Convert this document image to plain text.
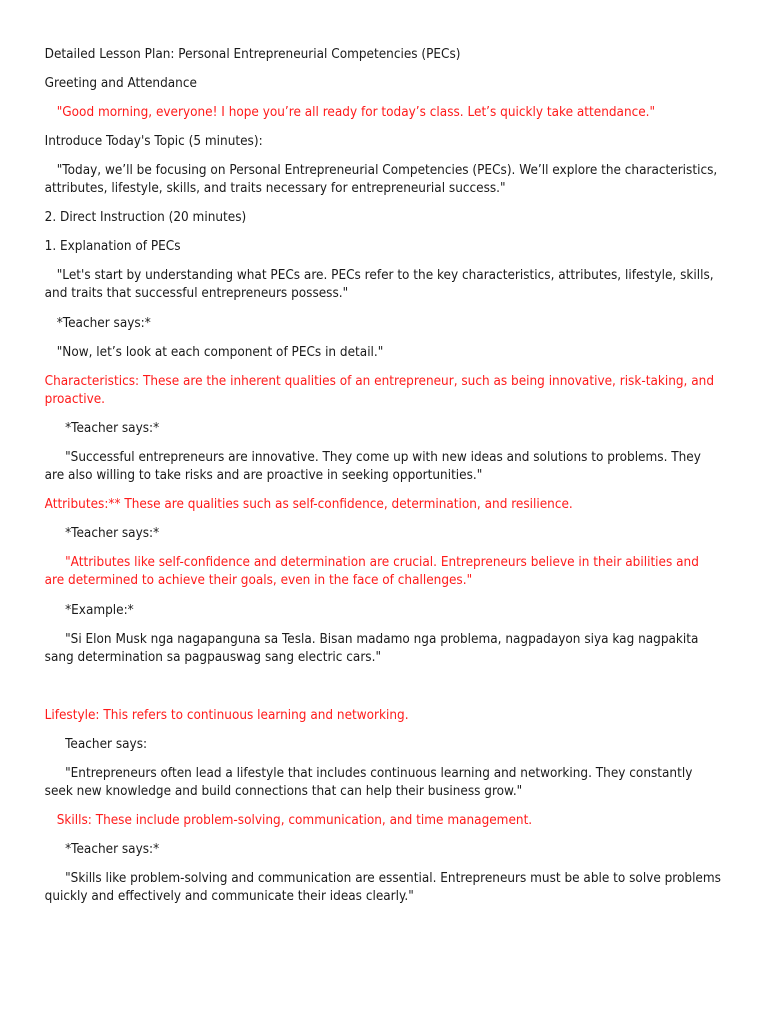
Detailed Lesson Plan: Personal Entrepreneurial Competencies (PECs)

Greeting and Attendance

"Good morning, everyone! I hope you’re all ready for today’s class. Let’s quickly take attendance."

Introduce Today's Topic (5 minutes):

"Today, we’ll be focusing on Personal Entrepreneurial Competencies (PECs). We’ll explore the characteristics, attributes, lifestyle, skills, and traits necessary for entrepreneurial success."

2. Direct Instruction (20 minutes)

1. Explanation of PECs

"Let's start by understanding what PECs are. PECs refer to the key characteristics, attributes, lifestyle, skills, and traits that successful entrepreneurs possess."

*Teacher says:*

"Now, let’s look at each component of PECs in detail."

Characteristics: These are the inherent qualities of an entrepreneur, such as being innovative, risk-taking, and proactive.

*Teacher says:*

"Successful entrepreneurs are innovative. They come up with new ideas and solutions to problems. They are also willing to take risks and are proactive in seeking opportunities."

Attributes:** These are qualities such as self-confidence, determination, and resilience.

*Teacher says:*

"Attributes like self-confidence and determination are crucial. Entrepreneurs believe in their abilities and are determined to achieve their goals, even in the face of challenges."

*Example:*

"Si Elon Musk nga nagapanguna sa Tesla. Bisan madamo nga problema, nagpadayon siya kag nagpakita sang determination sa pagpauswag sang electric cars."

Lifestyle: This refers to continuous learning and networking.

Teacher says:

"Entrepreneurs often lead a lifestyle that includes continuous learning and networking. They constantly seek new knowledge and build connections that can help their business grow."

Skills: These include problem-solving, communication, and time management.

*Teacher says:*

"Skills like problem-solving and communication are essential. Entrepreneurs must be able to solve problems quickly and effectively and communicate their ideas clearly."
